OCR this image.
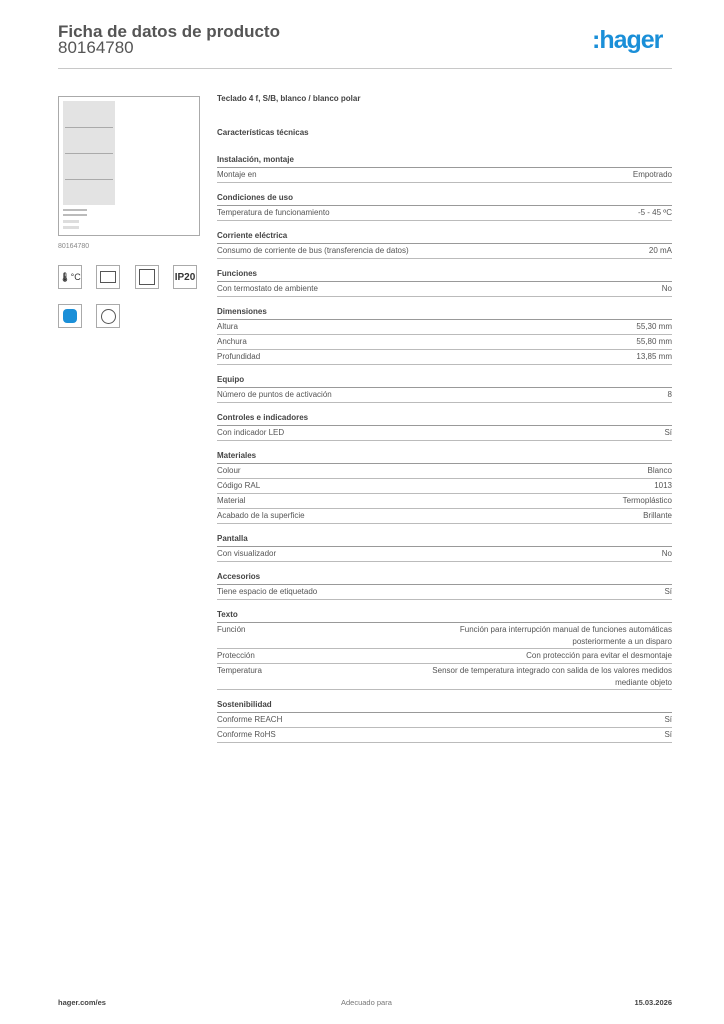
Ficha de datos de producto
80164780	:hager
80164780
🌡 °C	IP20
Teclado 4 f, S/B, blanco / blanco polar
Características técnicas
Instalación, montaje
Montaje en	Empotrado
Condiciones de uso
Temperatura de funcionamiento	-5 - 45 ºC
Corriente eléctrica
Consumo de corriente de bus (transferencia de datos)	20 mA
Funciones
Con termostato de ambiente	No
Dimensiones
Altura	55,30 mm
Anchura	55,80 mm
Profundidad	13,85 mm
Equipo
Número de puntos de activación	8
Controles e indicadores
Con indicador LED	Sí
Materiales
Colour	Blanco
Código RAL	1013
Material	Termoplástico
Acabado de la superficie	Brillante
Pantalla
Con visualizador	No
Accesorios
Tiene espacio de etiquetado	Sí
Texto
Función	Función para interrupción manual de funciones automáticas posteriormente a un disparo
Protección	Con protección para evitar el desmontaje
Temperatura	Sensor de temperatura integrado con salida de los valores medidos mediante objeto
Sostenibilidad
Conforme REACH	Sí
Conforme RoHS	Sí
hager.com/es	Adecuado para	15.03.2026
